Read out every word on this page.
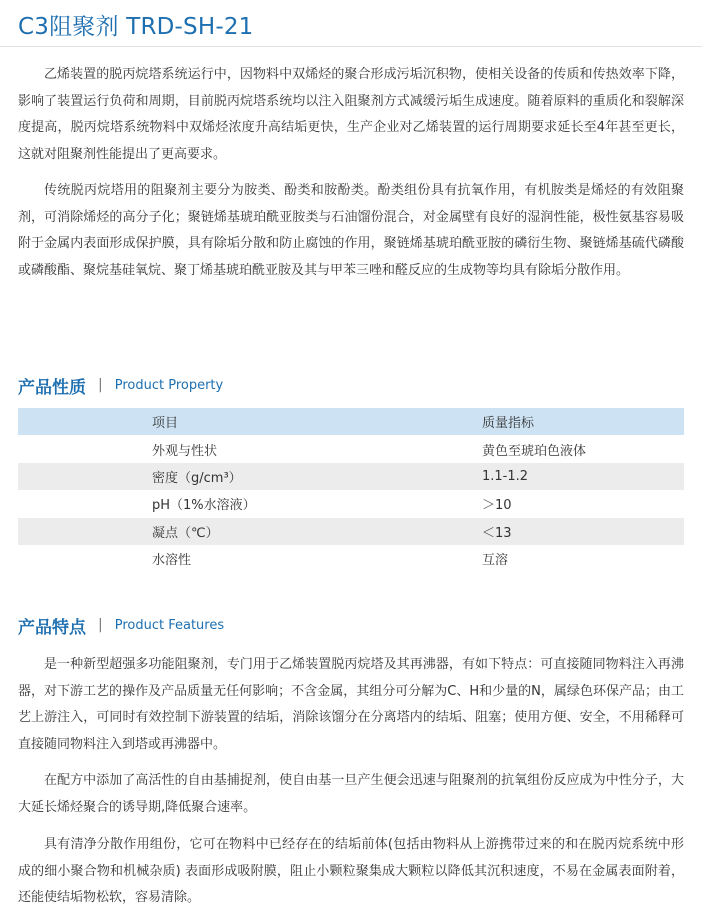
C3阻聚剂 TRD-SH-21

乙烯装置的脱丙烷塔系统运行中，因物料中双烯烃的聚合形成污垢沉积物，使相关设备的传质和传热效率下降，影响了装置运行负荷和周期，目前脱丙烷塔系统均以注入阻聚剂方式减缓污垢生成速度。随着原料的重质化和裂解深度提高，脱丙烷塔系统物料中双烯烃浓度升高结垢更快，生产企业对乙烯装置的运行周期要求延长至4年甚至更长，这就对阻聚剂性能提出了更高要求。

传统脱丙烷塔用的阻聚剂主要分为胺类、酚类和胺酚类。酚类组份具有抗氧作用，有机胺类是烯烃的有效阻聚剂，可消除烯烃的高分子化；聚链烯基琥珀酰亚胺类与石油馏份混合，对金属壁有良好的湿润性能，极性氨基容易吸附于金属内表面形成保护膜，具有除垢分散和防止腐蚀的作用，聚链烯基琥珀酰亚胺的磷衍生物、聚链烯基硫代磷酸或磷酸酯、聚烷基硅氧烷、聚丁烯基琥珀酰亚胺及其与甲苯三唑和醛反应的生成物等均具有除垢分散作用。

产品性质 | Product Property
项目	质量指标
外观与性状	黄色至琥珀色液体
密度（g/cm³）	1.1-1.2
pH（1%水溶液）	＞10
凝点（℃）	＜13
水溶性	互溶
产品特点 | Product Features

是一种新型超强多功能阻聚剂，专门用于乙烯装置脱丙烷塔及其再沸器，有如下特点：可直接随同物料注入再沸器，对下游工艺的操作及产品质量无任何影响；不含金属，其组分可分解为C、H和少量的N，属绿色环保产品；由工艺上游注入，可同时有效控制下游装置的结垢，消除该馏分在分离塔内的结垢、阻塞；使用方便、安全，不用稀释可直接随同物料注入到塔或再沸器中。

在配方中添加了高活性的自由基捕捉剂，使自由基一旦产生便会迅速与阻聚剂的抗氧组份反应成为中性分子，大大延长烯烃聚合的诱导期,降低聚合速率。

具有清净分散作用组份，它可在物料中已经存在的结垢前体(包括由物料从上游携带过来的和在脱丙烷系统中形成的细小聚合物和机械杂质) 表面形成吸附膜，阻止小颗粒聚集成大颗粒以降低其沉积速度，不易在金属表面附着，还能使结垢物松软，容易清除。
